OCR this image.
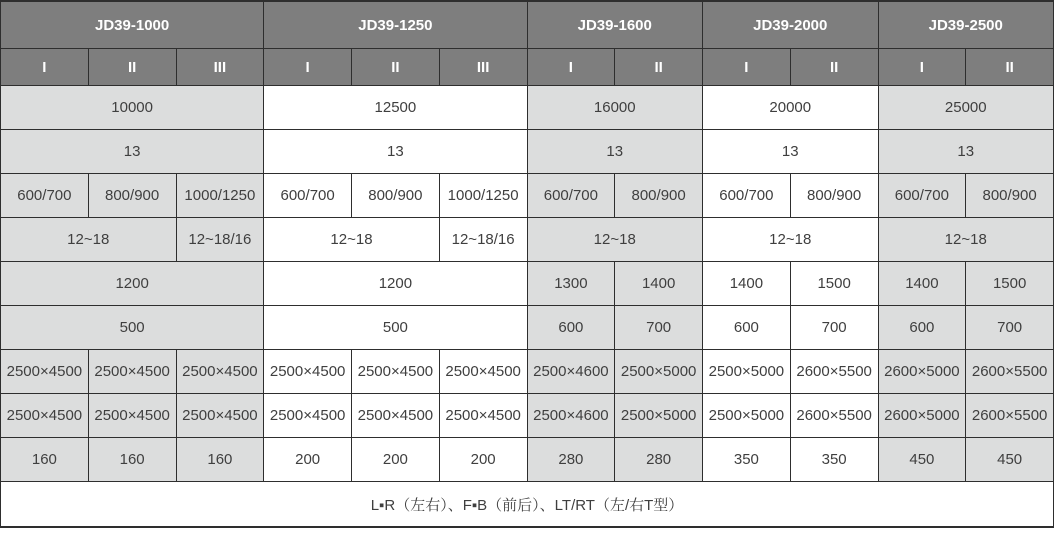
JD39-1000			JD39-1250			JD39-1600		JD39-2000		JD39-2500	
I	II	III	I	II	III	I	II	I	II	I	II
10000			12500			16000		20000		25000	
13			13			13		13		13	
600/700	800/900	1000/1250	600/700	800/900	1000/1250	600/700	800/900	600/700	800/900	600/700	800/900
12~18		12~18/16	12~18		12~18/16	12~18		12~18		12~18	
1200			1200			1300	1400	1400	1500	1400	1500
500			500			600	700	600	700	600	700
2500×4500	2500×4500	2500×4500	2500×4500	2500×4500	2500×4500	2500×4600	2500×5000	2500×5000	2600×5500	2600×5000	2600×5500
2500×4500	2500×4500	2500×4500	2500×4500	2500×4500	2500×4500	2500×4600	2500×5000	2500×5000	2600×5500	2600×5000	2600×5500
160	160	160	200	200	200	280	280	350	350	450	450
L▪R（左右）、F▪B（前后）、LT/RT（左/右T型）											
